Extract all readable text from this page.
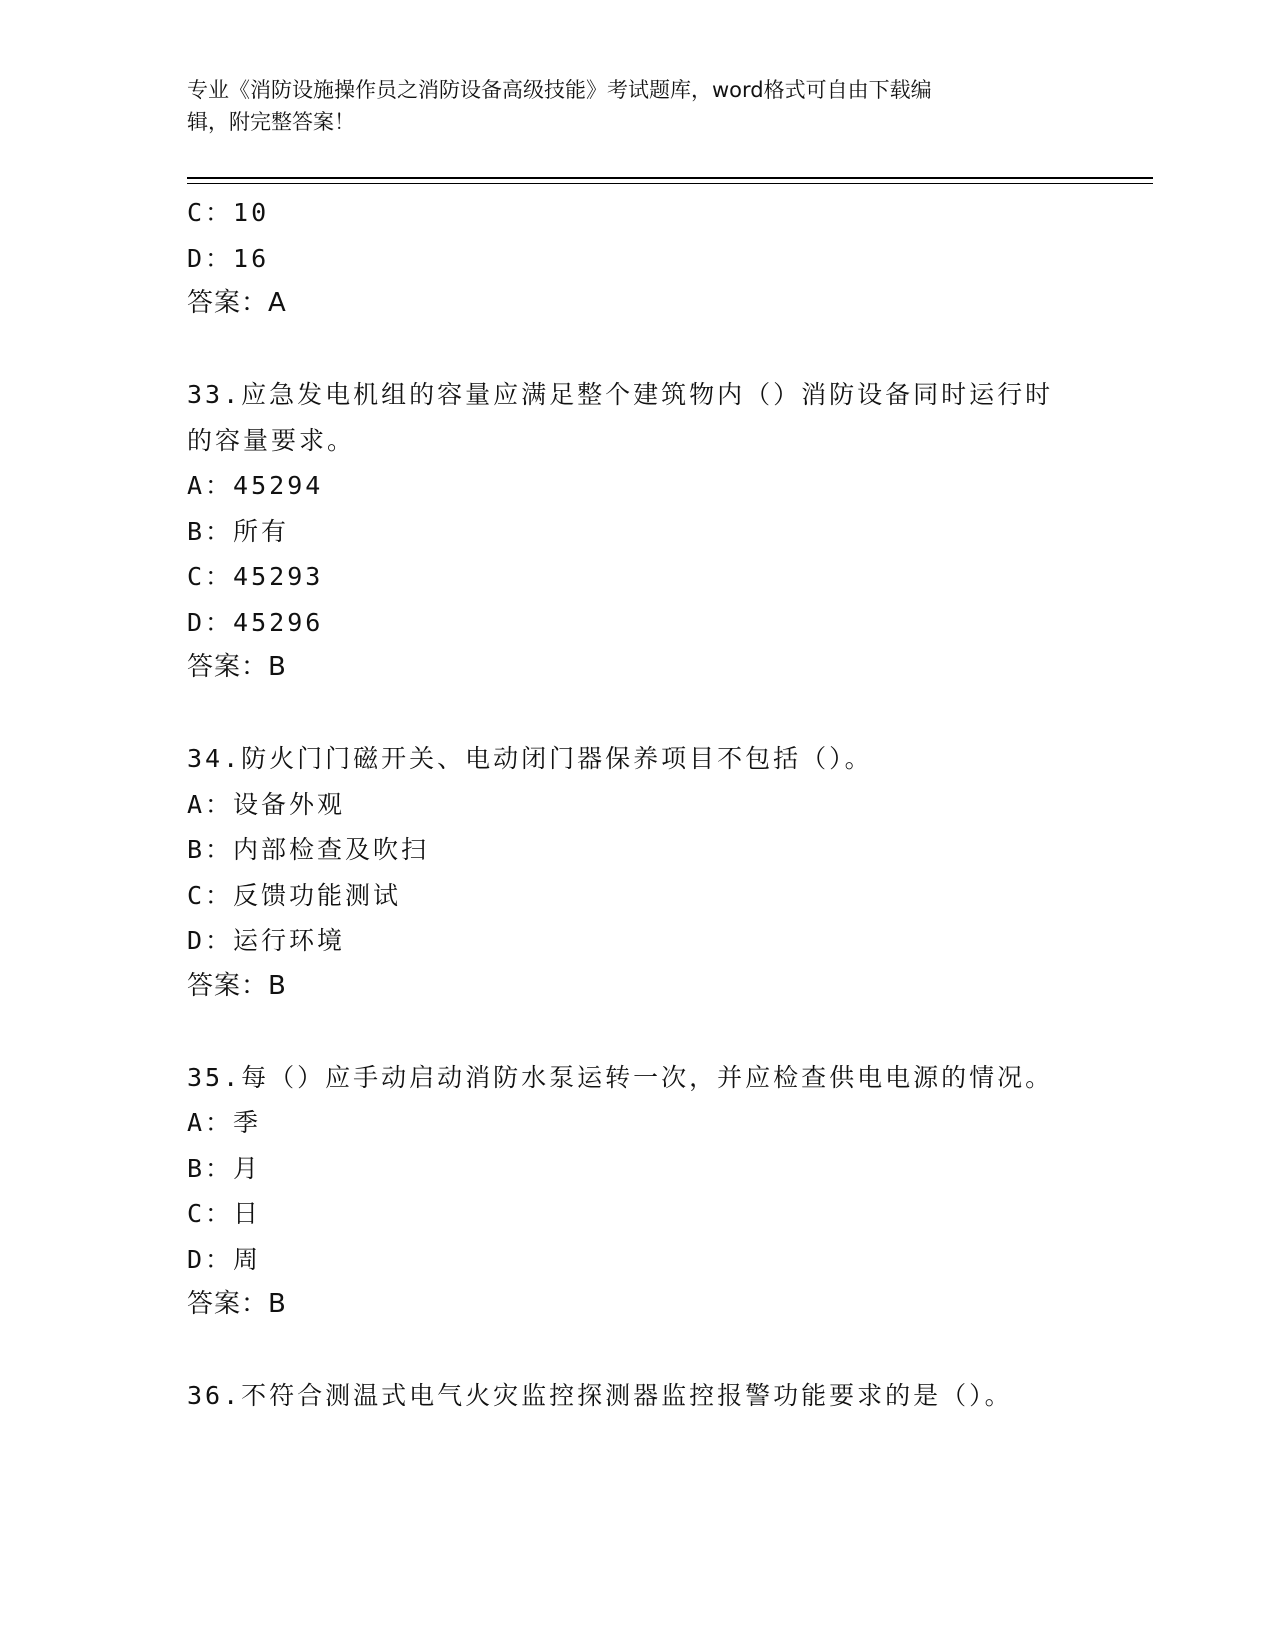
专业《消防设施操作员之消防设备高级技能》考试题库，word格式可自由下载编
辑，附完整答案！
C：10
D：16
答案：A
33.应急发电机组的容量应满足整个建筑物内（）消防设备同时运行时
的容量要求。
A：45294
B：所有
C：45293
D：45296
答案：B
34.防火门门磁开关、电动闭门器保养项目不包括（）。
A：设备外观
B：内部检查及吹扫
C：反馈功能测试
D：运行环境
答案：B
35.每（）应手动启动消防水泵运转一次，并应检查供电电源的情况。
A：季
B：月
C：日
D：周
答案：B
36.不符合测温式电气火灾监控探测器监控报警功能要求的是（）。
